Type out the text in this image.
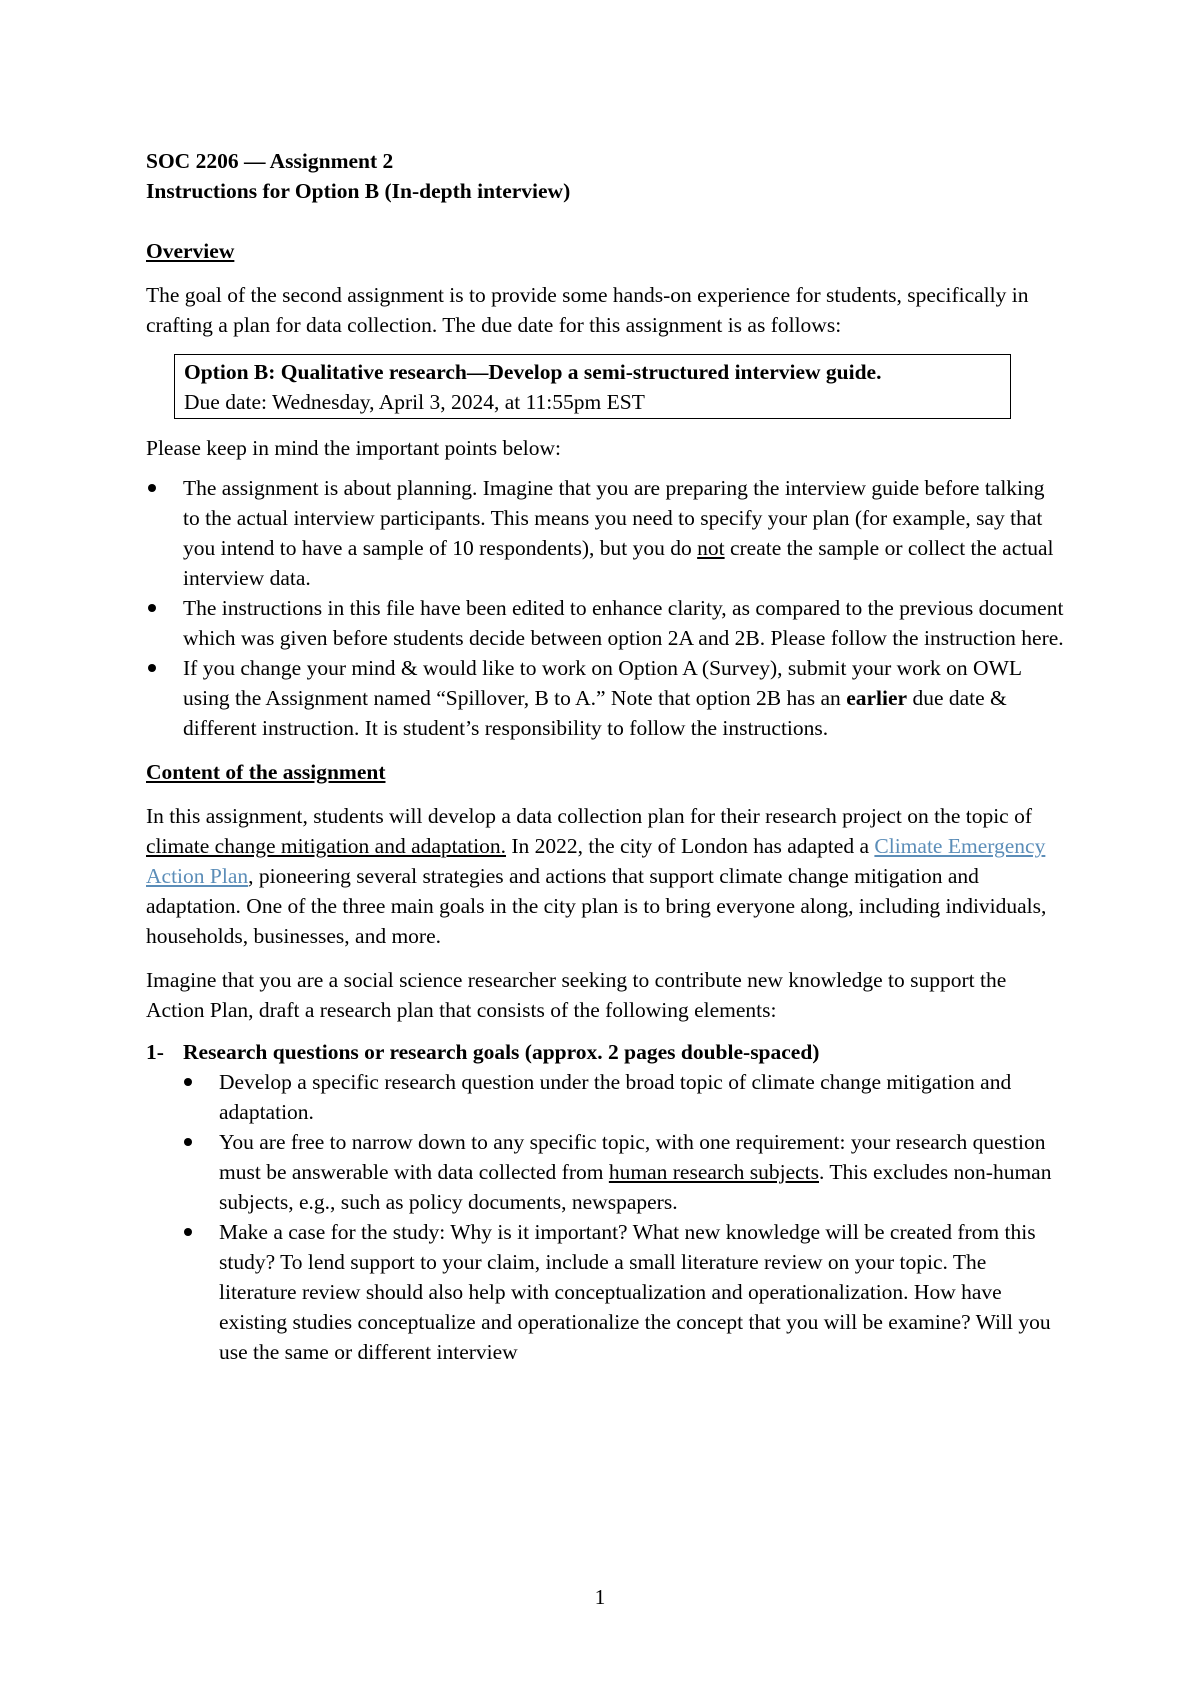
SOC 2206 — Assignment 2

Instructions for Option B (In-depth interview)

Overview

The goal of the second assignment is to provide some hands-on experience for students, specifically in crafting a plan for data collection. The due date for this assignment is as follows:

Option B: Qualitative research—Develop a semi-structured interview guide.

Due date: Wednesday, April 3, 2024, at 11:55pm EST

Please keep in mind the important points below:

The assignment is about planning. Imagine that you are preparing the interview guide before talking to the actual interview participants. This means you need to specify your plan (for example, say that you intend to have a sample of 10 respondents), but you do not create the sample or collect the actual interview data.
The instructions in this file have been edited to enhance clarity, as compared to the previous document which was given before students decide between option 2A and 2B. Please follow the instruction here.
If you change your mind & would like to work on Option A (Survey), submit your work on OWL using the Assignment named “Spillover, B to A.” Note that option 2B has an earlier due date & different instruction. It is student’s responsibility to follow the instructions.

Content of the assignment

In this assignment, students will develop a data collection plan for their research project on the topic of climate change mitigation and adaptation. In 2022, the city of London has adapted a Climate Emergency Action Plan, pioneering several strategies and actions that support climate change mitigation and adaptation. One of the three main goals in the city plan is to bring everyone along, including individuals, households, businesses, and more.

Imagine that you are a social science researcher seeking to contribute new knowledge to support the Action Plan, draft a research plan that consists of the following elements:

1- Research questions or research goals (approx. 2 pages double-spaced)
Develop a specific research question under the broad topic of climate change mitigation and adaptation.
You are free to narrow down to any specific topic, with one requirement: your research question must be answerable with data collected from human research subjects. This excludes non-human subjects, e.g., such as policy documents, newspapers.
Make a case for the study: Why is it important? What new knowledge will be created from this study? To lend support to your claim, include a small literature review on your topic. The literature review should also help with conceptualization and operationalization. How have existing studies conceptualize and operationalize the concept that you will be examine? Will you use the same or different interview
1
